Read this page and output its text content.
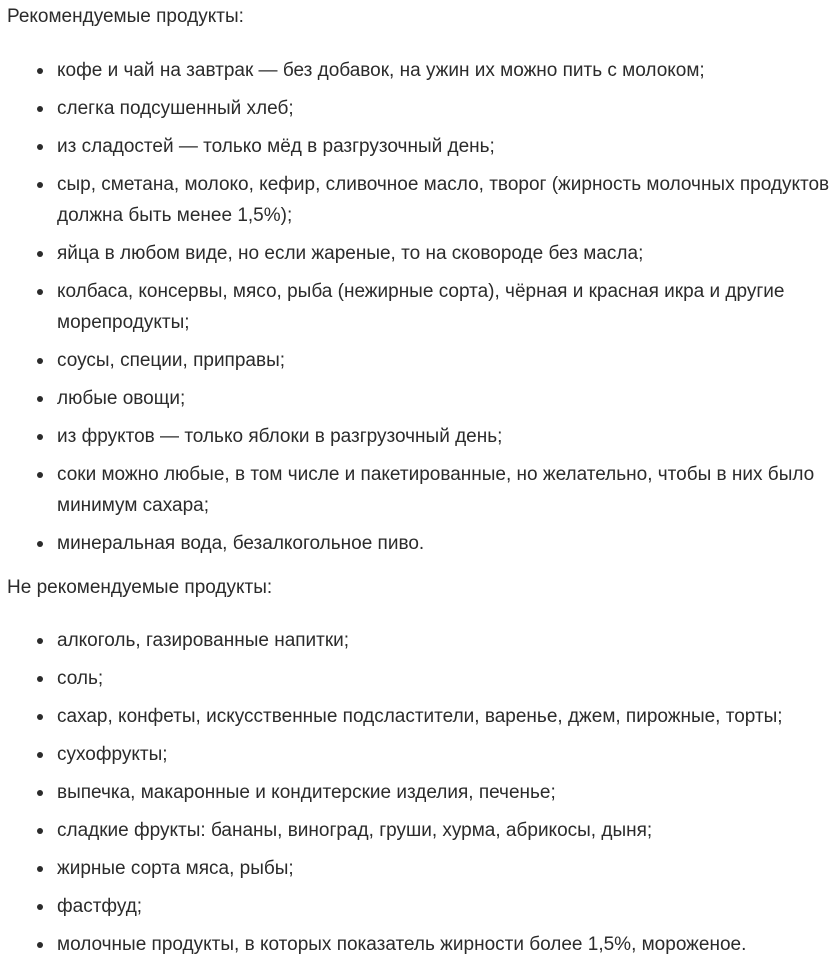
Рекомендуемые продукты:

кофе и чай на завтрак — без добавок, на ужин их можно пить с молоком;
слегка подсушенный хлеб;
из сладостей — только мёд в разгрузочный день;
сыр, сметана, молоко, кефир, сливочное масло, творог (жирность молочных продуктов должна быть менее 1,5%);
яйца в любом виде, но если жареные, то на сковороде без масла;
колбаса, консервы, мясо, рыба (нежирные сорта), чёрная и красная икра и другие морепродукты;
соусы, специи, приправы;
любые овощи;
из фруктов — только яблоки в разгрузочный день;
соки можно любые, в том числе и пакетированные, но желательно, чтобы в них было минимум сахара;
минеральная вода, безалкогольное пиво.

Не рекомендуемые продукты:

алкоголь, газированные напитки;
соль;
сахар, конфеты, искусственные подсластители, варенье, джем, пирожные, торты;
сухофрукты;
выпечка, макаронные и кондитерские изделия, печенье;
сладкие фрукты: бананы, виноград, груши, хурма, абрикосы, дыня;
жирные сорта мяса, рыбы;
фастфуд;
молочные продукты, в которых показатель жирности более 1,5%, мороженое.
